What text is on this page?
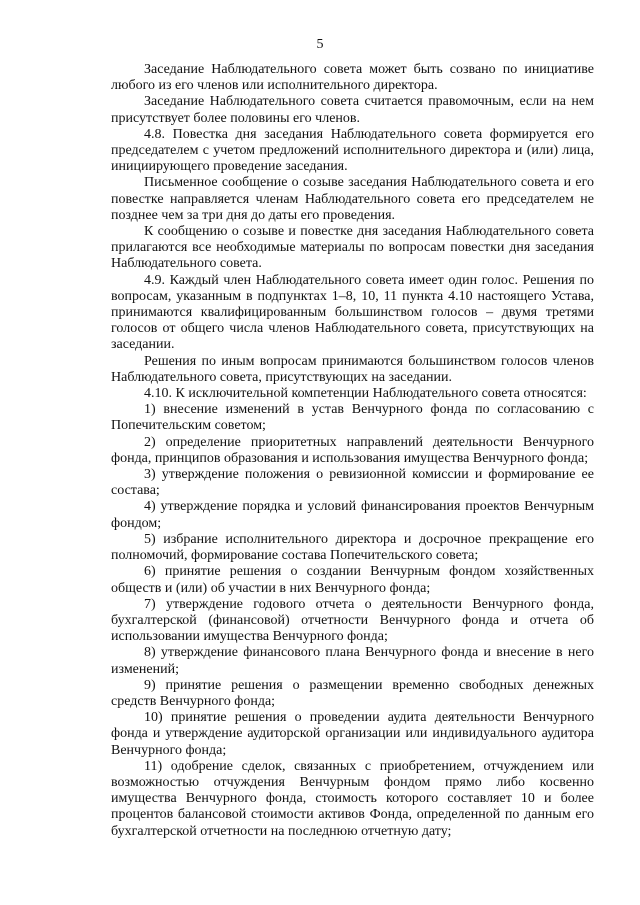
5

Заседание Наблюдательного совета может быть созвано по инициативе любого из его членов или исполнительного директора.

Заседание Наблюдательного совета считается правомочным, если на нем присутствует более половины его членов.

4.8. Повестка дня заседания Наблюдательного совета формируется его председателем с учетом предложений исполнительного директора и (или) лица, инициирующего проведение заседания.

Письменное сообщение о созыве заседания Наблюдательного совета и его повестке направляется членам Наблюдательного совета его председателем не позднее чем за три дня до даты его проведения.

К сообщению о созыве и повестке дня заседания Наблюдательного совета прилагаются все необходимые материалы по вопросам повестки дня заседания Наблюдательного совета.

4.9. Каждый член Наблюдательного совета имеет один голос. Решения по вопросам, указанным в подпунктах 1–8, 10, 11 пункта 4.10 настоящего Устава, принимаются квалифицированным большинством голосов – двумя третями голосов от общего числа членов Наблюдательного совета, присутствующих на заседании.

Решения по иным вопросам принимаются большинством голосов членов Наблюдательного совета, присутствующих на заседании.

4.10. К исключительной компетенции Наблюдательного совета относятся:

1) внесение изменений в устав Венчурного фонда по согласованию с Попечительским советом;

2) определение приоритетных направлений деятельности Венчурного фонда, принципов образования и использования имущества Венчурного фонда;

3) утверждение положения о ревизионной комиссии и формирование ее состава;

4) утверждение порядка и условий финансирования проектов Венчурным фондом;

5) избрание исполнительного директора и досрочное прекращение его полномочий, формирование состава Попечительского совета;

6) принятие решения о создании Венчурным фондом хозяйственных обществ и (или) об участии в них Венчурного фонда;

7) утверждение годового отчета о деятельности Венчурного фонда, бухгалтерской (финансовой) отчетности Венчурного фонда и отчета об использовании имущества Венчурного фонда;

8) утверждение финансового плана Венчурного фонда и внесение в него изменений;

9) принятие решения о размещении временно свободных денежных средств Венчурного фонда;

10) принятие решения о проведении аудита деятельности Венчурного фонда и утверждение аудиторской организации или индивидуального аудитора Венчурного фонда;

11) одобрение сделок, связанных с приобретением, отчуждением или возможностью отчуждения Венчурным фондом прямо либо косвенно имущества Венчурного фонда, стоимость которого составляет 10 и более процентов балансовой стоимости активов Фонда, определенной по данным его бухгалтерской отчетности на последнюю отчетную дату;
